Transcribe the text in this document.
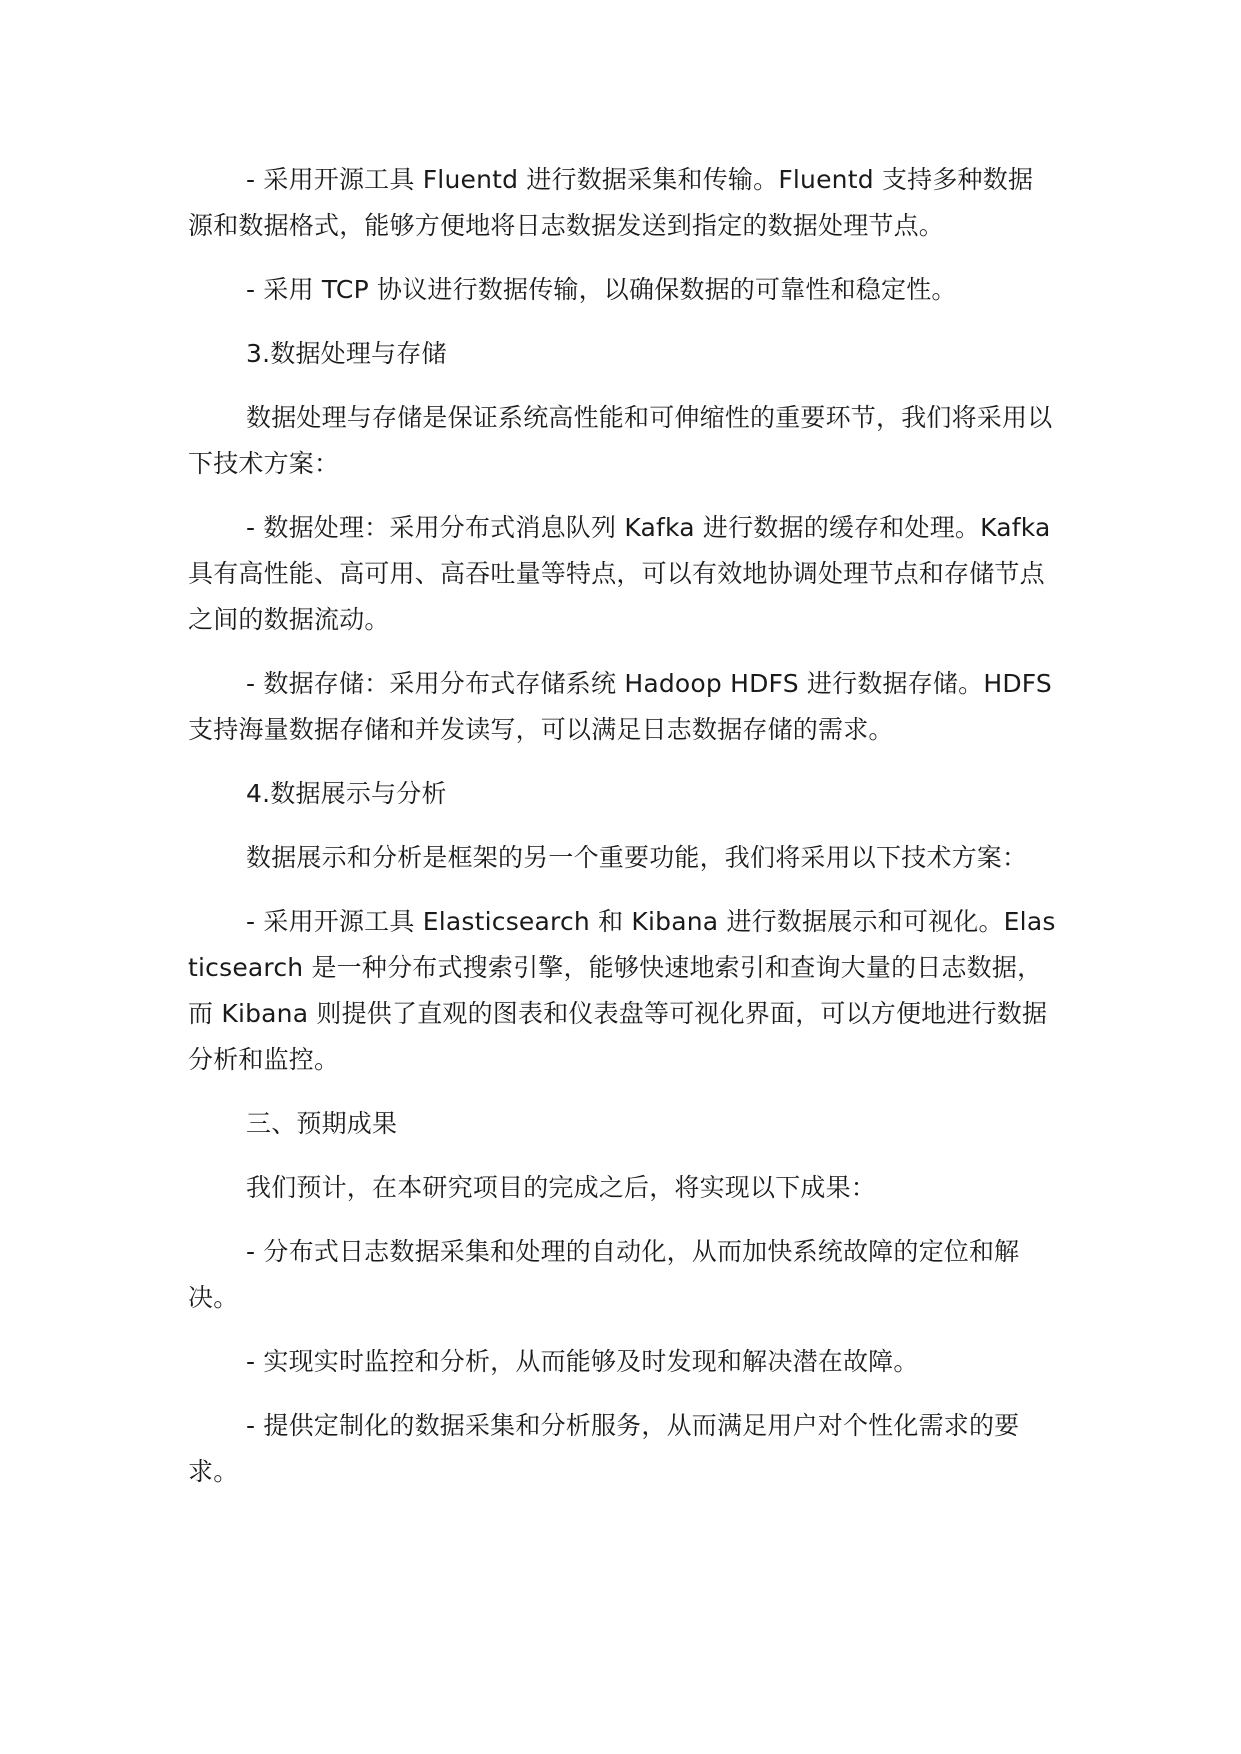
- 采用开源工具 Fluentd 进行数据采集和传输。Fluentd 支持多种数据源和数据格式，能够方便地将日志数据发送到指定的数据处理节点。

- 采用 TCP 协议进行数据传输，以确保数据的可靠性和稳定性。

3.数据处理与存储

数据处理与存储是保证系统高性能和可伸缩性的重要环节，我们将采用以下技术方案：

- 数据处理：采用分布式消息队列 Kafka 进行数据的缓存和处理。Kafka 具有高性能、高可用、高吞吐量等特点，可以有效地协调处理节点和存储节点之间的数据流动。

- 数据存储：采用分布式存储系统 Hadoop HDFS 进行数据存储。HDFS 支持海量数据存储和并发读写，可以满足日志数据存储的需求。

4.数据展示与分析

数据展示和分析是框架的另一个重要功能，我们将采用以下技术方案：

- 采用开源工具 Elasticsearch 和 Kibana 进行数据展示和可视化。Elasticsearch 是一种分布式搜索引擎，能够快速地索引和查询大量的日志数据，而 Kibana 则提供了直观的图表和仪表盘等可视化界面，可以方便地进行数据分析和监控。

三、预期成果

我们预计，在本研究项目的完成之后，将实现以下成果：

- 分布式日志数据采集和处理的自动化，从而加快系统故障的定位和解决。

- 实现实时监控和分析，从而能够及时发现和解决潜在故障。

- 提供定制化的数据采集和分析服务，从而满足用户对个性化需求的要求。
